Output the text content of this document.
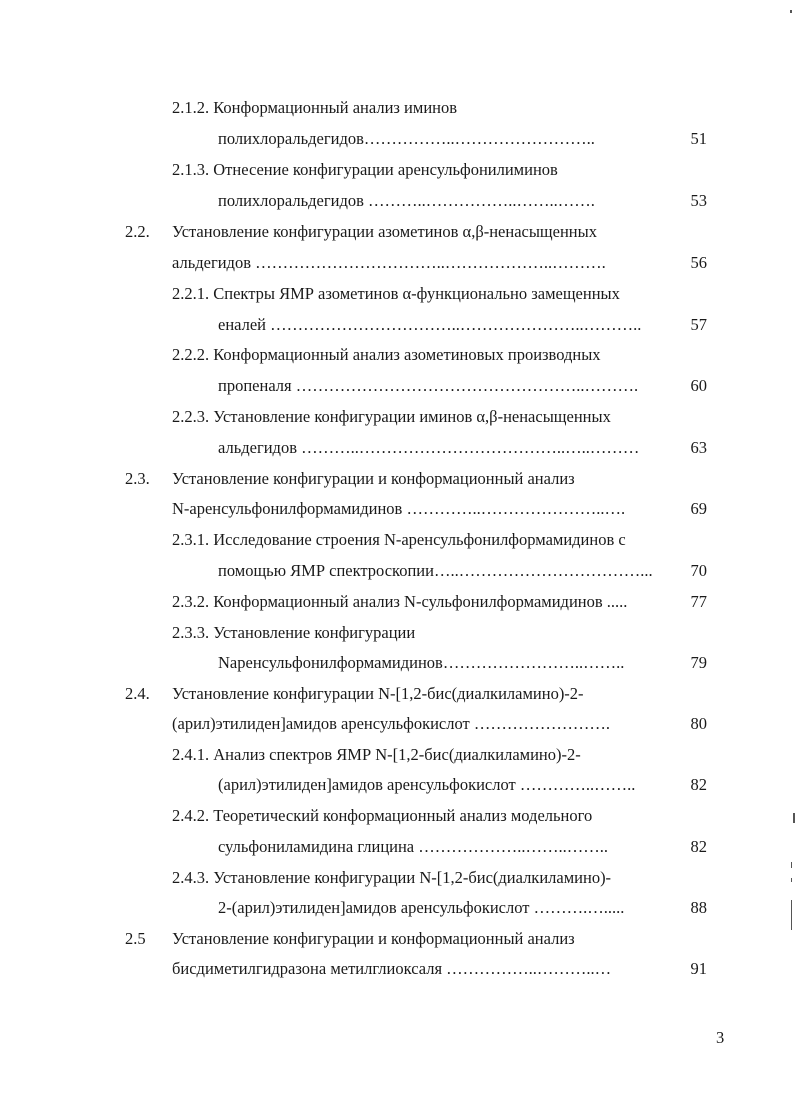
2.1.2. Конформационный анализ иминов
полихлоральдегидов……………..……………………..	51
2.1.3. Отнесение конфигурации аренсульфонилиминов
полихлоральдегидов ………..……………..……..…….	53
2.2. Установление конфигурации азометинов α,β-ненасыщенных
альдегидов ……………………………..………………..……….	56
2.2.1. Спектры ЯМР азометинов α-функционально замещенных
еналей ……………………………..…………………..………..	57
2.2.2. Конформационный анализ азометиновых производных
пропеналя ……………………………………………..……….	60
2.2.3. Установление конфигурации иминов α,β-ненасыщенных
альдегидов ………..………………………………..…..………	63
2.3. Установление конфигурации и конформационный анализ
N-аренсульфонилформамидинов …………..…………………..….	69
2.3.1. Исследование строения N-аренсульфонилформамидинов с
помощью ЯМР спектроскопии…..……………………………...	70
2.3.2. Конформационный анализ N-сульфонилформамидинов .....	77
2.3.3. Установление конфигурации
Nаренсульфонилформамидинов……………………..……..	79
2.4. Установление конфигурации N-[1,2-бис(диалкиламино)-2-
(арил)этилиден]амидов аренсульфокислот …………………….	80
2.4.1. Анализ спектров ЯМР N-[1,2-бис(диалкиламино)-2-
(арил)этилиден]амидов аренсульфокислот …………..……..	82
2.4.2. Теоретический конформационный анализ модельного
сульфониламидина глицина ………………..……..……..	82
2.4.3. Установление конфигурации N-[1,2-бис(диалкиламино)-
2-(арил)этилиден]амидов аренсульфокислот ……….….....	88
2.5 Установление конфигурации и конформационный анализ
бисдиметилгидразона метилглиоксаля ……………..………..…	91
3
